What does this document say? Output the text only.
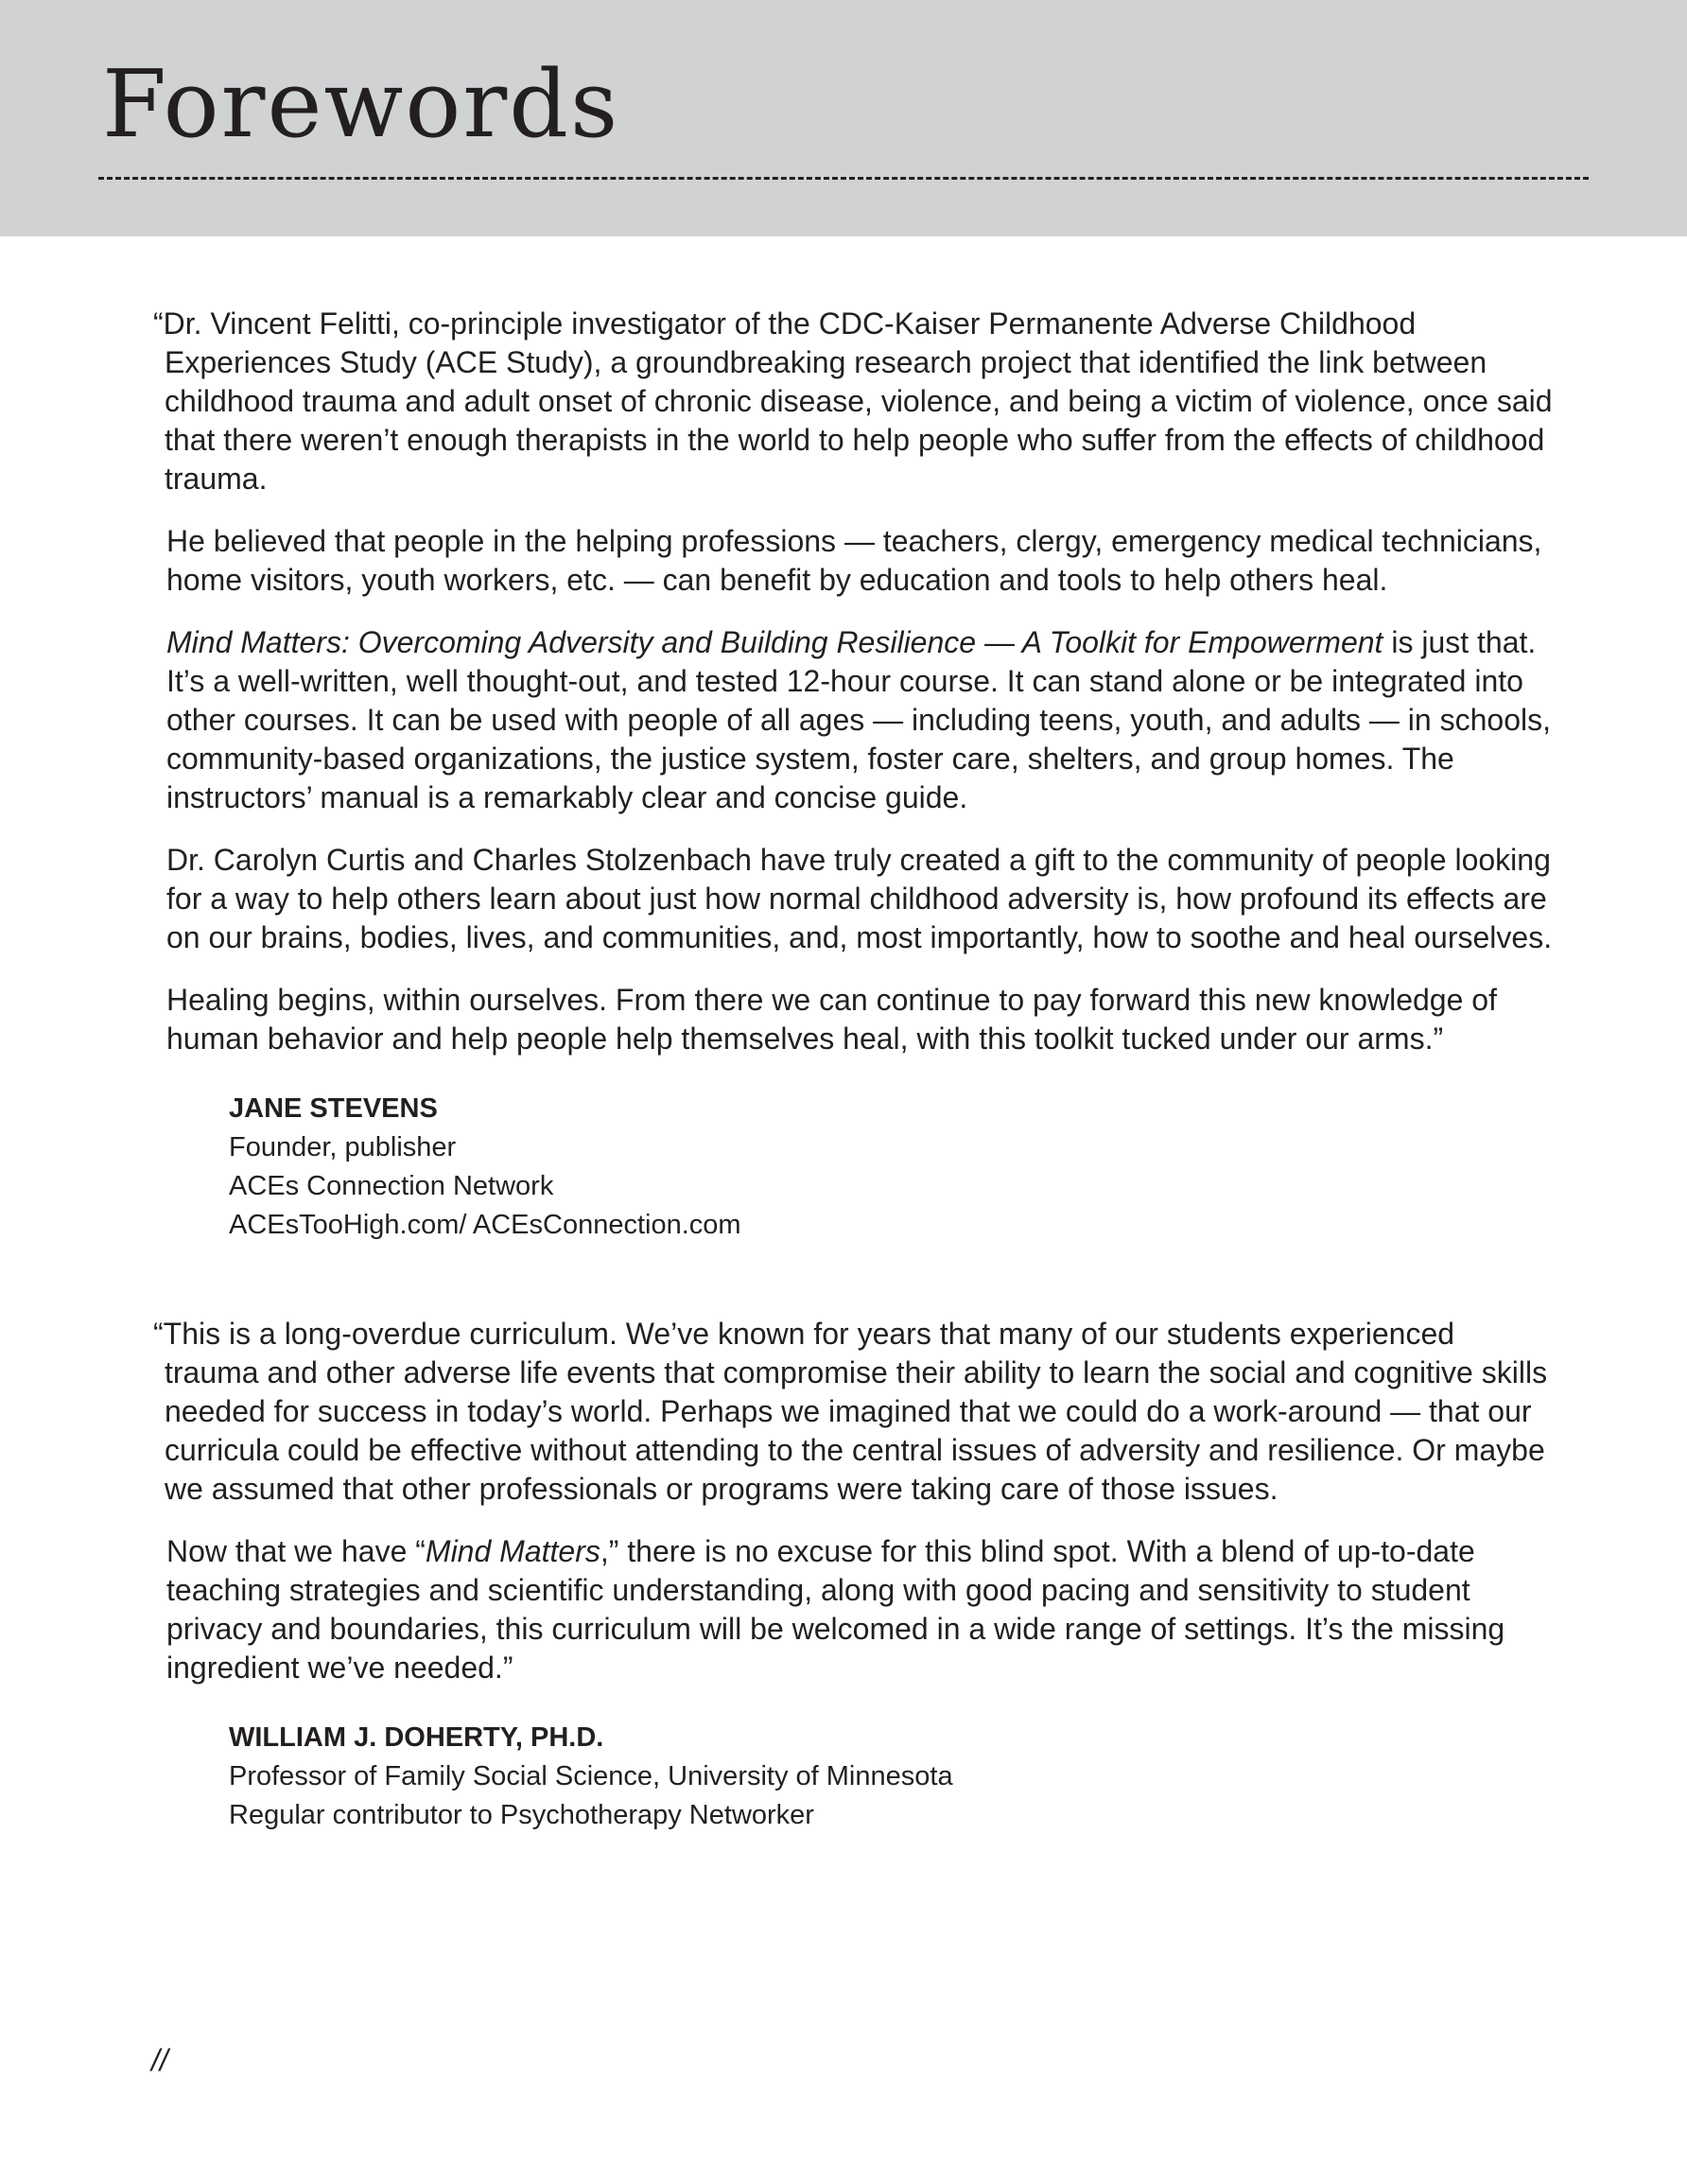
Forewords

“Dr. Vincent Felitti, co-principle investigator of the CDC-Kaiser Permanente Adverse Childhood Experiences Study (ACE Study), a groundbreaking research project that identified the link between childhood trauma and adult onset of chronic disease, violence, and being a victim of violence, once said that there weren’t enough therapists in the world to help people who suffer from the effects of childhood trauma.

He believed that people in the helping professions — teachers, clergy, emergency medical technicians, home visitors, youth workers, etc. — can benefit by education and tools to help others heal.

Mind Matters: Overcoming Adversity and Building Resilience — A Toolkit for Empowerment is just that. It’s a well-written, well thought-out, and tested 12-hour course. It can stand alone or be integrated into other courses. It can be used with people of all ages — including teens, youth, and adults — in schools, community-based organizations, the justice system, foster care, shelters, and group homes. The instructors’ manual is a remarkably clear and concise guide.

Dr. Carolyn Curtis and Charles Stolzenbach have truly created a gift to the community of people looking for a way to help others learn about just how normal childhood adversity is, how profound its effects are on our brains, bodies, lives, and communities, and, most importantly, how to soothe and heal ourselves.

Healing begins, within ourselves. From there we can continue to pay forward this new knowledge of human behavior and help people help themselves heal, with this toolkit tucked under our arms.”

JANE STEVENS

Founder, publisher

ACEs Connection Network

ACEsTooHigh.com/ ACEsConnection.com

“This is a long-overdue curriculum. We’ve known for years that many of our students experienced trauma and other adverse life events that compromise their ability to learn the social and cognitive skills needed for success in today’s world. Perhaps we imagined that we could do a work-around — that our curricula could be effective without attending to the central issues of adversity and resilience. Or maybe we assumed that other professionals or programs were taking care of those issues.

Now that we have “Mind Matters,” there is no excuse for this blind spot. With a blend of up-to-date teaching strategies and scientific understanding, along with good pacing and sensitivity to student privacy and boundaries, this curriculum will be welcomed in a wide range of settings. It’s the missing ingredient we’ve needed.”

WILLIAM J. DOHERTY, PH.D.

Professor of Family Social Science, University of Minnesota

Regular contributor to Psychotherapy Networker

//
